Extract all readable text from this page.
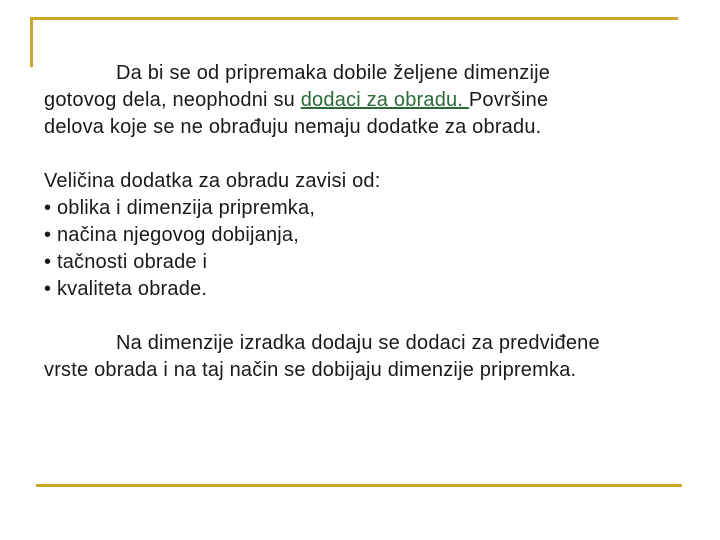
Da bi se od pripremaka dobile željene dimenzije
gotovog dela, neophodni su dodaci za obradu. Površine
delova koje se ne obrađuju nemaju dodatke za obradu.

Veličina dodatka za obradu zavisi od:

• oblika i dimenzija pripremka,

• načina njegovog dobijanja,

• tačnosti obrade i

• kvaliteta obrade.

Na dimenzije izradka dodaju se dodaci za predviđene
vrste obrada i na taj način se dobijaju dimenzije pripremka.
